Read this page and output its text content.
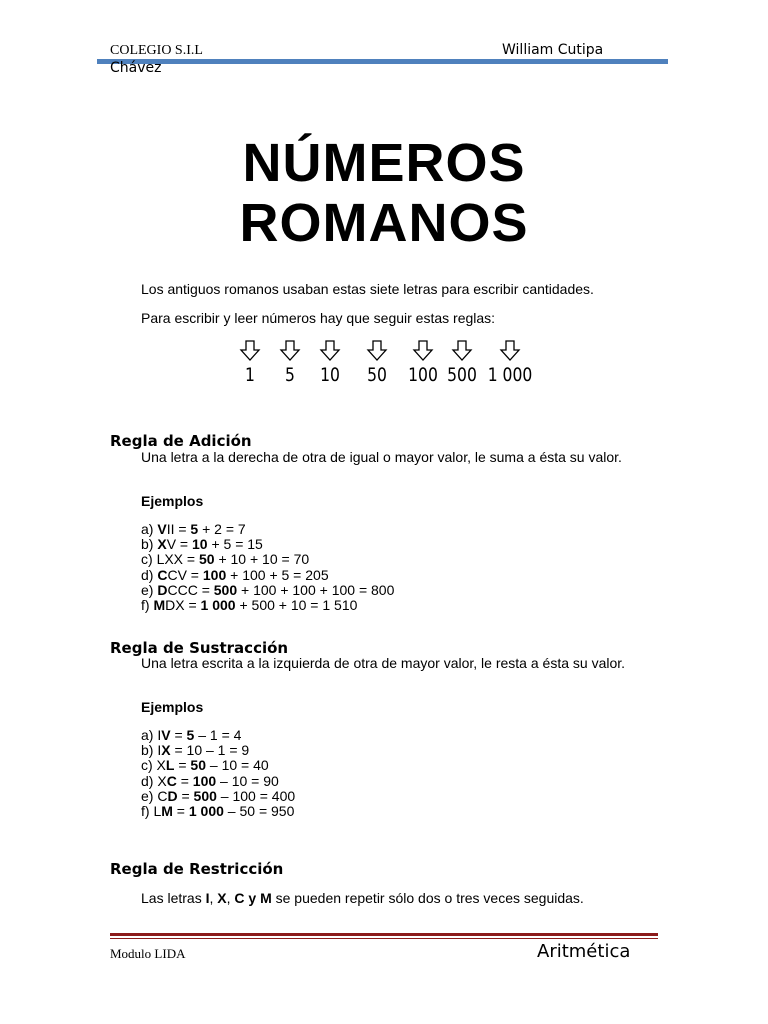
COLEGIO S.I.L	William Cutipa
Chávez
NÚMEROS
ROMANOS
Los antiguos romanos usaban estas siete letras para escribir cantidades.
Para escribir y leer números hay que seguir estas reglas:
1	5	10	50	100 500 1 000
Regla de Adición
Una letra a la derecha de otra de igual o mayor valor, le suma a ésta su valor.
Ejemplos
a) VII = 5 + 2 = 7
b) XV = 10 + 5 = 15
c) LXX = 50 + 10 + 10 = 70
d) CCV = 100 + 100 + 5 = 205
e) DCCC = 500 + 100 + 100 + 100 = 800
f) MDX = 1 000 + 500 + 10 = 1 510
Regla de Sustracción
Una letra escrita a la izquierda de otra de mayor valor, le resta a ésta su valor.
Ejemplos
a) IV = 5 – 1 = 4
b) IX = 10 – 1 = 9
c) XL = 50 – 10 = 40
d) XC = 100 – 10 = 90
e) CD = 500 – 100 = 400
f) LM = 1 000 – 50 = 950
Regla de Restricción
Las letras I, X, C y M se pueden repetir sólo dos o tres veces seguidas.
Modulo LIDA	Aritmética
